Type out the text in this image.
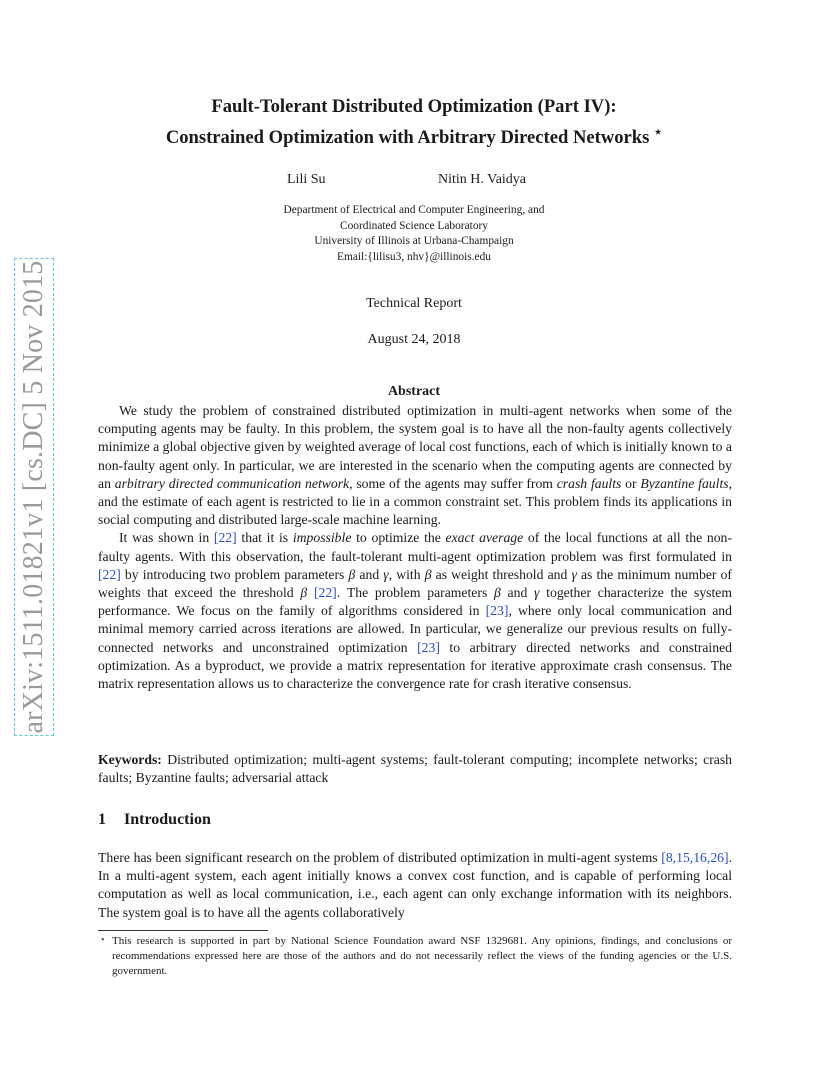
Fault-Tolerant Distributed Optimization (Part IV):
Constrained Optimization with Arbitrary Directed Networks ⋆
Lili Su	Nitin H. Vaidya
Department of Electrical and Computer Engineering, and
Coordinated Science Laboratory
University of Illinois at Urbana-Champaign
Email:{lilisu3, nhv}@illinois.edu
Technical Report
August 24, 2018
arXiv:1511.01821v1 [cs.DC] 5 Nov 2015	Abstract

We study the problem of constrained distributed optimization in multi-agent networks when some of the computing agents may be faulty. In this problem, the system goal is to have all the non-faulty agents collectively minimize a global objective given by weighted average of local cost functions, each of which is initially known to a non-faulty agent only. In particular, we are interested in the scenario when the computing agents are connected by an arbitrary directed communication network, some of the agents may suffer from crash faults or Byzantine faults, and the estimate of each agent is restricted to lie in a common constraint set. This problem finds its applications in social computing and distributed large-scale machine learning.

It was shown in [22] that it is impossible to optimize the exact average of the local functions at all the non-faulty agents. With this observation, the fault-tolerant multi-agent optimization problem was first formulated in [22] by introducing two problem parameters β and γ, with β as weight threshold and γ as the minimum number of weights that exceed the threshold β [22]. The problem parameters β and γ together characterize the system performance. We focus on the family of algorithms considered in [23], where only local communication and minimal memory carried across iterations are allowed. In particular, we generalize our previous results on fully-connected networks and unconstrained optimization [23] to arbitrary directed networks and constrained optimization. As a byproduct, we provide a matrix representation for iterative approximate crash consensus. The matrix representation allows us to characterize the convergence rate for crash iterative consensus.

Keywords: Distributed optimization; multi-agent systems; fault-tolerant computing; incomplete networks; crash faults; Byzantine faults; adversarial attack
1 Introduction

There has been significant research on the problem of distributed optimization in multi-agent systems [8,15,16,26]. In a multi-agent system, each agent initially knows a convex cost function, and is capable of performing local computation as well as local communication, i.e., each agent can only exchange information with its neighbors. The system goal is to have all the agents collaboratively

⋆ This research is supported in part by National Science Foundation award NSF 1329681. Any opinions, findings, and conclusions or recommendations expressed here are those of the authors and do not necessarily reflect the views of the funding agencies or the U.S. government.
